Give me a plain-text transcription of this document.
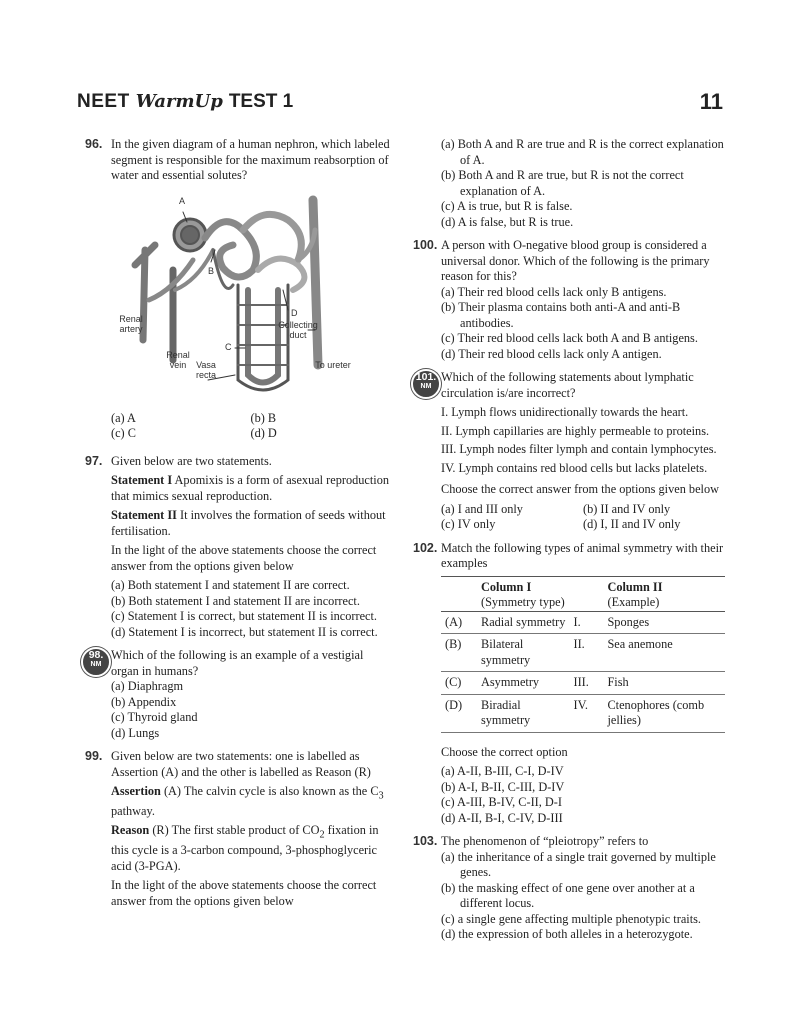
NEET WarmUp TEST 1	11
96. In the given diagram of a human nephron, which labeled segment is responsible for the maximum reabsorption of water and essential solutes?
A
B
C
D
Renal artery
Renal vein	Vasa recta
Collecting duct
To ureter
(a) A	(b) B
(c) C	(d) D
97. Given below are two statements.
Statement I Apomixis is a form of asexual reproduction that mimics sexual reproduction.
Statement II It involves the formation of seeds without fertilisation.
In the light of the above statements choose the correct answer from the options given below

(a) Both statement I and statement II are correct.

(b) Both statement I and statement II are incorrect.

(c) Statement I is correct, but statement II is incorrect.

(d) Statement I is incorrect, but statement II is correct.

98.
NM
Which of the following is an example of a vestigial organ in humans?

(a) Diaphragm

(b) Appendix

(c) Thyroid gland

(d) Lungs

99. Given below are two statements: one is labelled as Assertion (A) and the other is labelled as Reason (R)
Assertion (A) The calvin cycle is also known as the $C_3$ pathway.
Reason (R) The first stable product of $CO_2$ fixation in this cycle is a 3-carbon compound, 3-phosphoglyceric acid (3-PGA).
In the light of the above statements choose the correct answer from the options given below

(a) Both A and R are true and R is the correct explanation of A.

(b) Both A and R are true, but R is not the correct explanation of A.

(c) A is true, but R is false.

(d) A is false, but R is true.

100. A person with O-negative blood group is considered a universal donor. Which of the following is the primary reason for this?

(a) Their red blood cells lack only B antigens.

(b) Their plasma contains both anti-A and anti-B antibodies.

(c) Their red blood cells lack both A and B antigens.

(d) Their red blood cells lack only A antigen.

101.
NM
Which of the following statements about lymphatic circulation is/are incorrect?

I. Lymph flows unidirectionally towards the heart.

II. Lymph capillaries are highly permeable to proteins.

III. Lymph nodes filter lymph and contain lymphocytes.

IV. Lymph contains red blood cells but lacks platelets.

Choose the correct answer from the options given below
(a) I and III only	(b) II and IV only
(c) IV only	(d) I, II and IV only
102. Match the following types of animal symmetry with their examples
	Column I
(Symmetry type)		Column II
(Example)
(A)	Radial symmetry	I.	Sponges
(B)	Bilateral symmetry	II.	Sea anemone
(C)	Asymmetry	III.	Fish
(D)	Biradial symmetry	IV.	Ctenophores (comb jellies)
Choose the correct option

(a) A-II, B-III, C-I, D-IV

(b) A-I, B-II, C-III, D-IV

(c) A-III, B-IV, C-II, D-I

(d) A-II, B-I, C-IV, D-III

103. The phenomenon of “pleiotropy” refers to

(a) the inheritance of a single trait governed by multiple genes.

(b) the masking effect of one gene over another at a different locus.

(c) a single gene affecting multiple phenotypic traits.

(d) the expression of both alleles in a heterozygote.
